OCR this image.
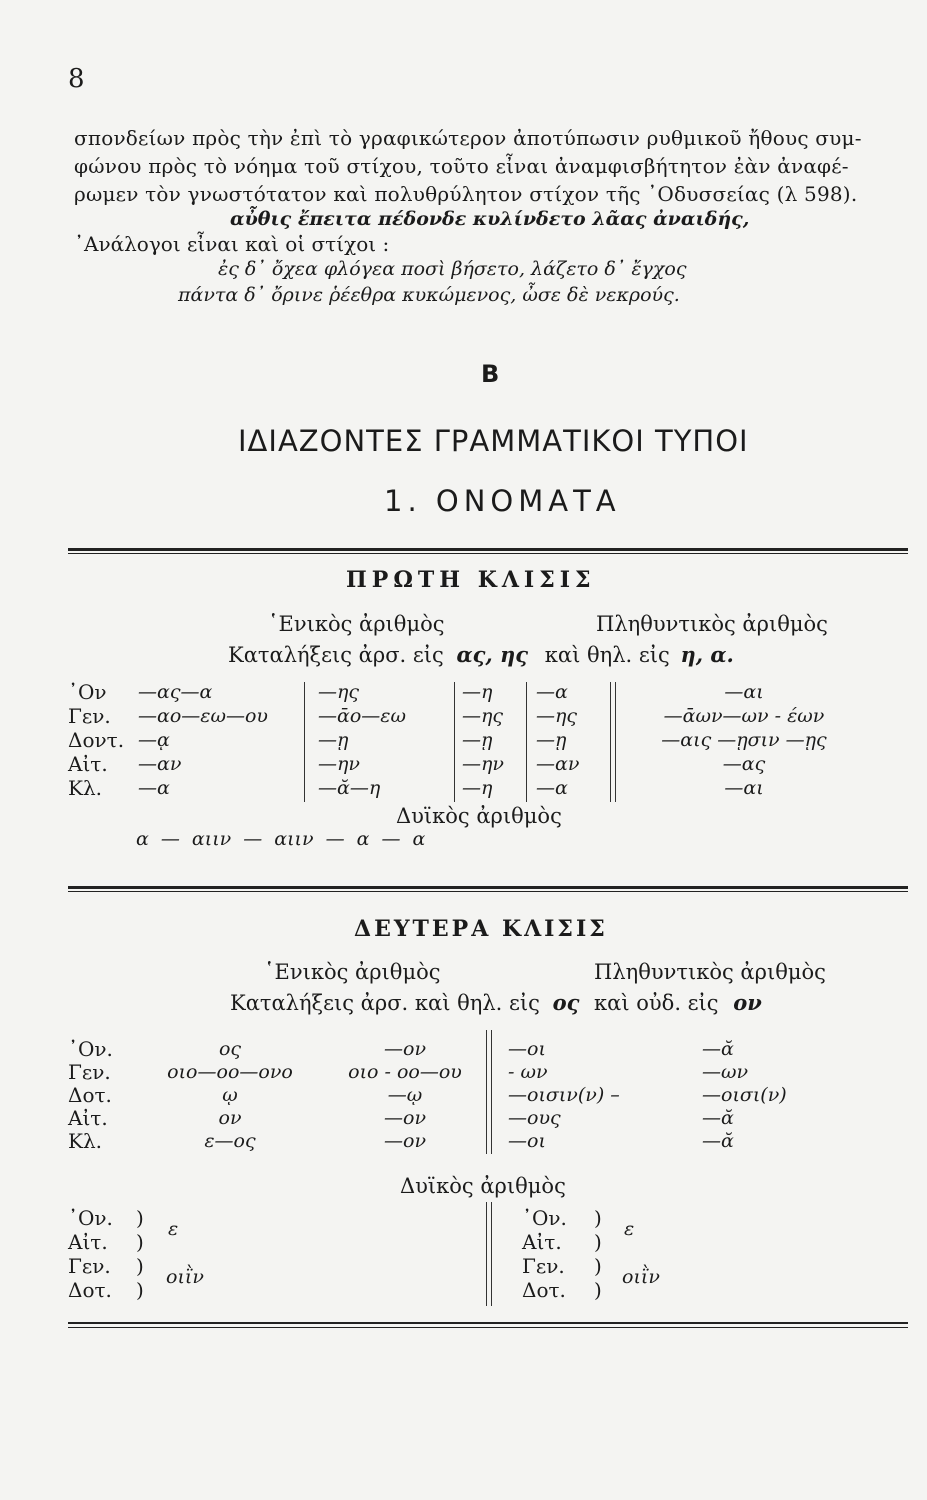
8
σπονδείων πρὸς τὴν ἐπὶ τὸ γραφικώτερον ἀποτύπωσιν ρυθμικοῦ ἤθους συμ-
φώνου πρὸς τὸ νόημα τοῦ στίχου, τοῦτο εἶναι ἀναμφισβήτητον ἐὰν ἀναφέ-
ρωμεν τὸν γνωστότατον καὶ πολυθρύλητον στίχον τῆς ᾿Οδυσσείας (λ 598).
αὖθις ἔπειτα πέδονδε κυλίνδετο λᾶας ἀναιδής,
᾿Ανάλογοι εἶναι καὶ οἱ στίχοι :
ἐς δ᾿ ὄχεα φλόγεα ποσὶ βήσετο, λάζετο δ᾿ ἔγχος
πάντα δ᾿ ὄρινε ῥέεθρα κυκώμενος, ὦσε δὲ νεκρούς.
B
ΙΔΙΑΖΟΝΤΕΣ ΓΡΑΜΜΑΤΙΚΟΙ ΤΥΠΟΙ
1. ΟΝΟΜΑΤΑ
ΠΡΩΤΗ ΚΛΙΣΙΣ
῾Ενικὸς ἀριθμὸς	Πληθυντικὸς ἀριθμὸς
Καταλήξεις ἀρσ. εἰς ας, ης καὶ θηλ. εἰς η, α.
᾿Ον
Γεν.
Δοντ.
Αἰτ.
Κλ.
—ας—α
—αο—εω—ου
—ᾳ
—αν
—α
—ης
—ᾱο—εω
—ῃ
—ην
—ᾰ—η
—η
—ης
—ῃ
—ην
—η
—α
—ης
—ῃ
—αν
—α
—αι
—ᾱων—ων - έων
—αις —ῃσιν —ῃς
—ας
—αι
Δυϊκὸς ἀριθμὸς
α — αιιν — αιιν — α — α
ΔΕΥΤΕΡΑ ΚΛΙΣΙΣ
῾Ενικὸς ἀριθμὸς	Πληθυντικὸς ἀριθμὸς
Καταλήξεις ἀρσ. καὶ θηλ. εἰς ος καὶ οὐδ. εἰς ον
᾿Ον.
Γεν.
Δοτ.
Αἰτ.
Κλ.
ος
οιο—οο—ονο
ῳ
ον
ε—ος
—ον
οιο - οο—ου
—ῳ
—ον
—ον
—οι
- ων
—οισιν(ν) –
—ους
—οι
—ᾰ
—ων
—οισι(ν)
—ᾰ
—ᾰ
Δυϊκὸς ἀριθμὸς
᾿Ον.
Αἰτ.
Γεν.
Δοτ.
)
)
)
)
ε
οιῒν
᾿Ον.
Αἰτ.
Γεν.
Δοτ.
)
)
)
)
ε
οιῒν
